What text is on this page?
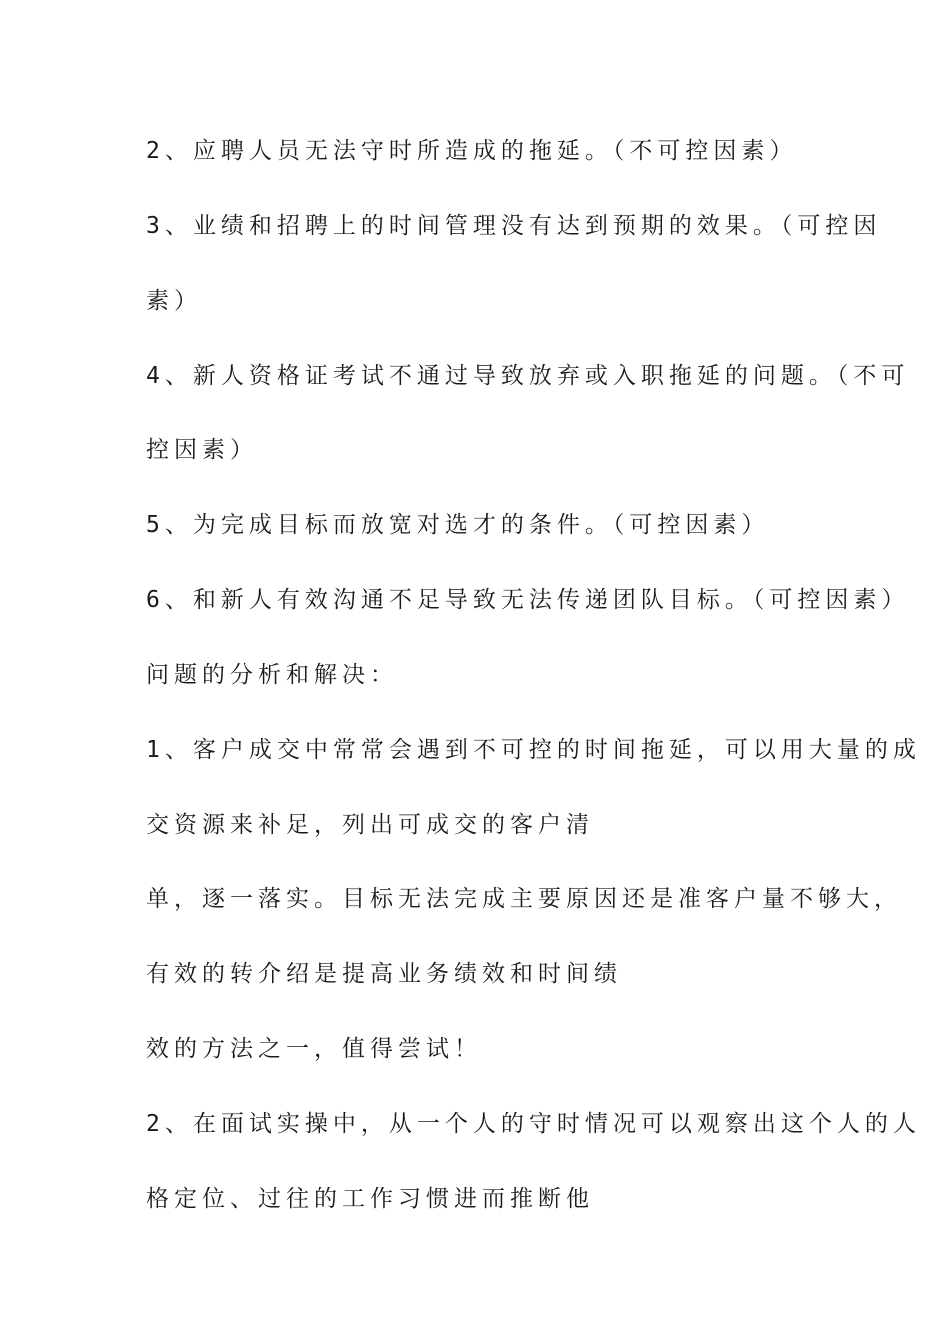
2、应聘人员无法守时所造成的拖延。（不可控因素）
3、业绩和招聘上的时间管理没有达到预期的效果。（可控因
素）
4、新人资格证考试不通过导致放弃或入职拖延的问题。（不可
控因素）
5、为完成目标而放宽对选才的条件。（可控因素）
6、和新人有效沟通不足导致无法传递团队目标。（可控因素）
问题的分析和解决：
1、客户成交中常常会遇到不可控的时间拖延，可以用大量的成
交资源来补足，列出可成交的客户清
单，逐一落实。目标无法完成主要原因还是准客户量不够大，
有效的转介绍是提高业务绩效和时间绩
效的方法之一，值得尝试！
2、在面试实操中，从一个人的守时情况可以观察出这个人的人
格定位、过往的工作习惯进而推断他
